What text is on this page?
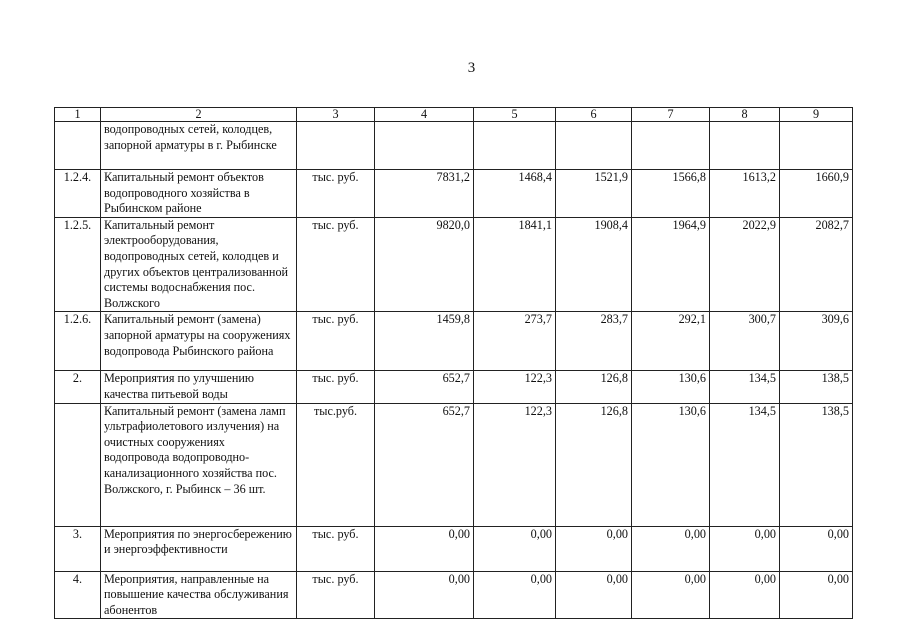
3
1	2	3	4	5	6	7	8	9
	водопроводных сетей, колодцев, запорной арматуры в г. Рыбинске							
1.2.4.	Капитальный ремонт объектов водопроводного хозяйства в Рыбинском районе	тыс. руб.	7831,2	1468,4	1521,9	1566,8	1613,2	1660,9
1.2.5.	Капитальный ремонт электрооборудования, водопроводных сетей, колодцев и других объектов централизованной системы водоснабжения пос. Волжского	тыс. руб.	9820,0	1841,1	1908,4	1964,9	2022,9	2082,7
1.2.6.	Капитальный ремонт (замена) запорной арматуры на сооружениях водопровода Рыбинского района	тыс. руб.	1459,8	273,7	283,7	292,1	300,7	309,6
2.	Мероприятия по улучшению качества питьевой воды	тыс. руб.	652,7	122,3	126,8	130,6	134,5	138,5
	Капитальный ремонт (замена ламп ультрафиолетового излучения) на очистных сооружениях водопровода водопроводно-канализационного хозяйства пос. Волжского, г. Рыбинск – 36 шт.	тыс.руб.	652,7	122,3	126,8	130,6	134,5	138,5
3.	Мероприятия по энергосбережению и энергоэффективности	тыс. руб.	0,00	0,00	0,00	0,00	0,00	0,00
4.	Мероприятия, направленные на повышение качества обслуживания абонентов	тыс. руб.	0,00	0,00	0,00	0,00	0,00	0,00
